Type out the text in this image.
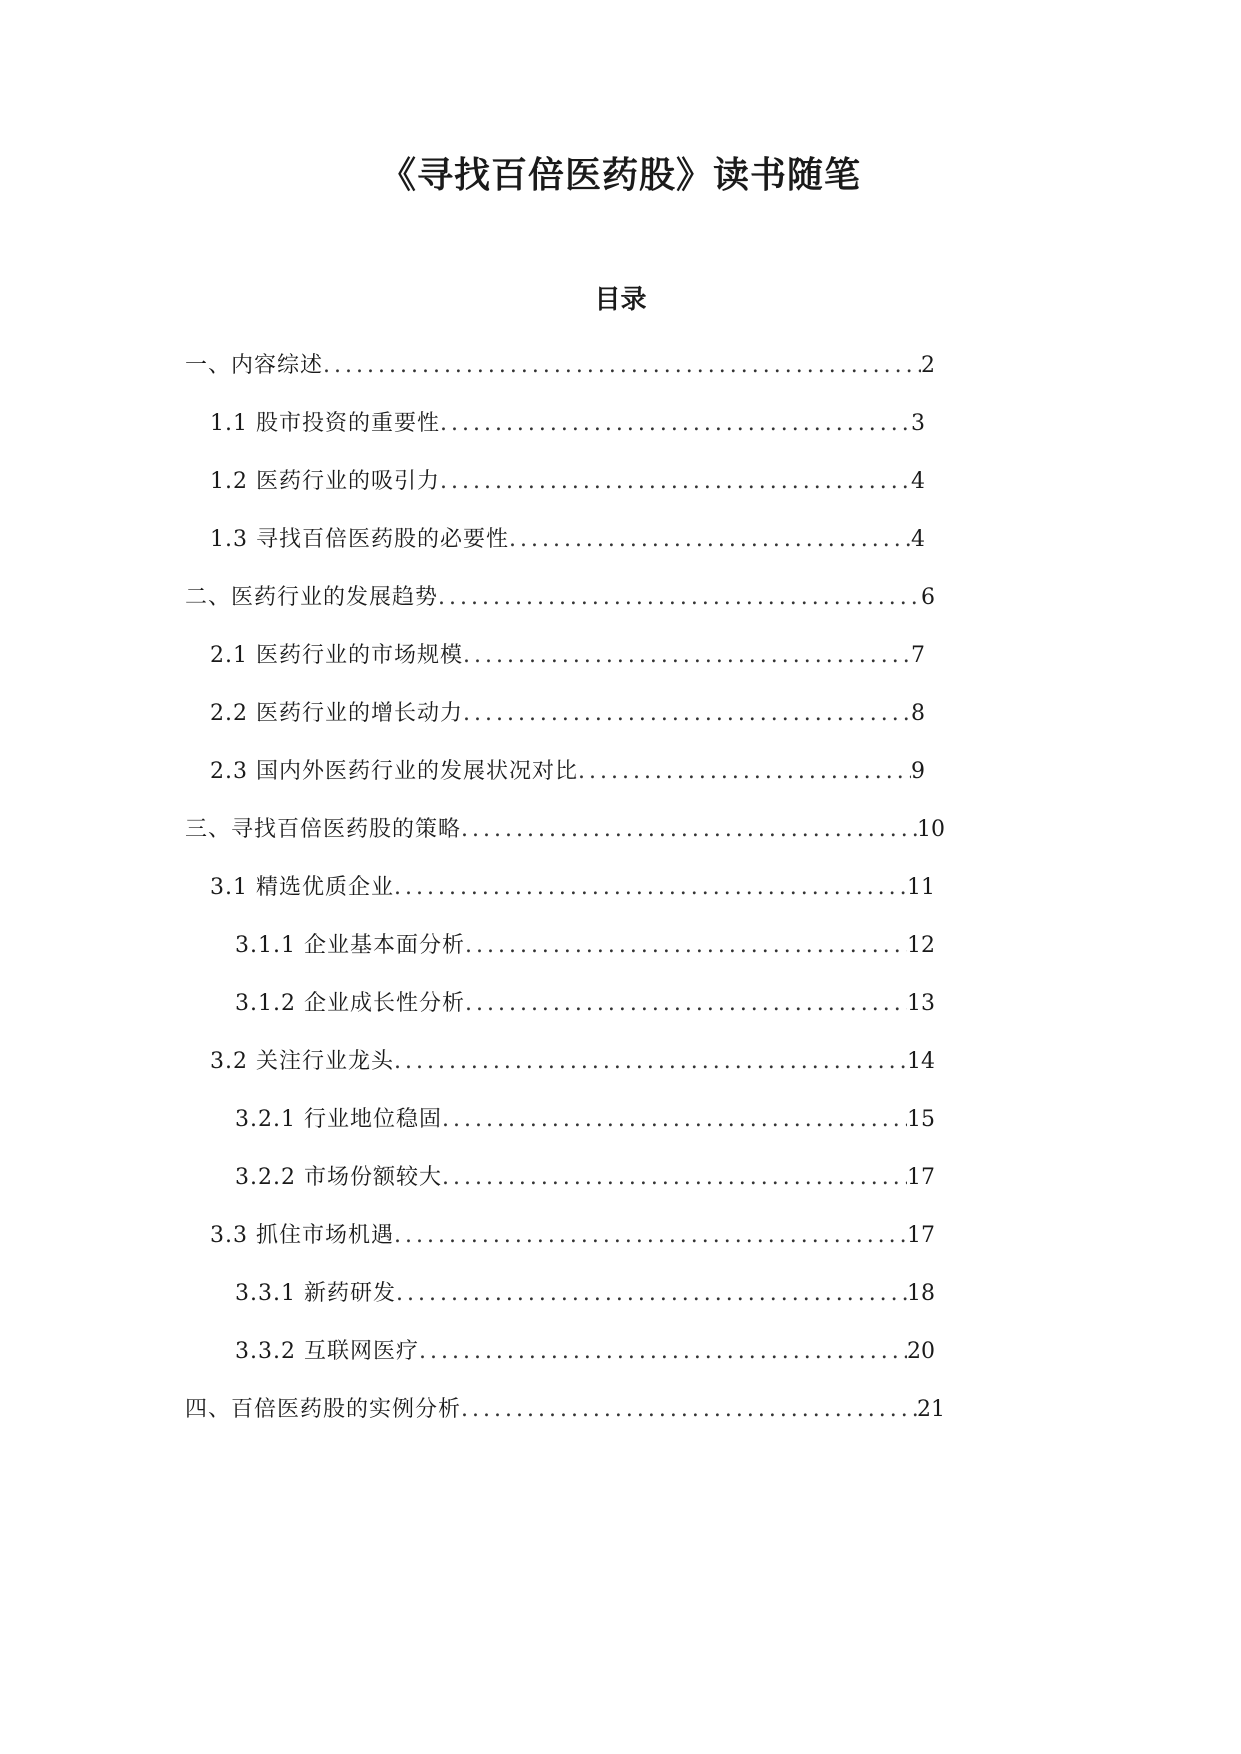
《寻找百倍医药股》读书随笔
目录
一、内容综述 .....	2
1.1 股市投资的重要性 .....	3
1.2 医药行业的吸引力 .....	4
1.3 寻找百倍医药股的必要性 .....	4
二、医药行业的发展趋势 .....	6
2.1 医药行业的市场规模 .....	7
2.2 医药行业的增长动力 .....	8
2.3 国内外医药行业的发展状况对比 .....	9
三、寻找百倍医药股的策略 .....	10
3.1 精选优质企业 .....	11
3.1.1 企业基本面分析 .....	12
3.1.2 企业成长性分析 .....	13
3.2 关注行业龙头 .....	14
3.2.1 行业地位稳固 .....	15
3.2.2 市场份额较大 .....	17
3.3 抓住市场机遇 .....	17
3.3.1 新药研发 .....	18
3.3.2 互联网医疗 .....	20
四、百倍医药股的实例分析 .....	21
